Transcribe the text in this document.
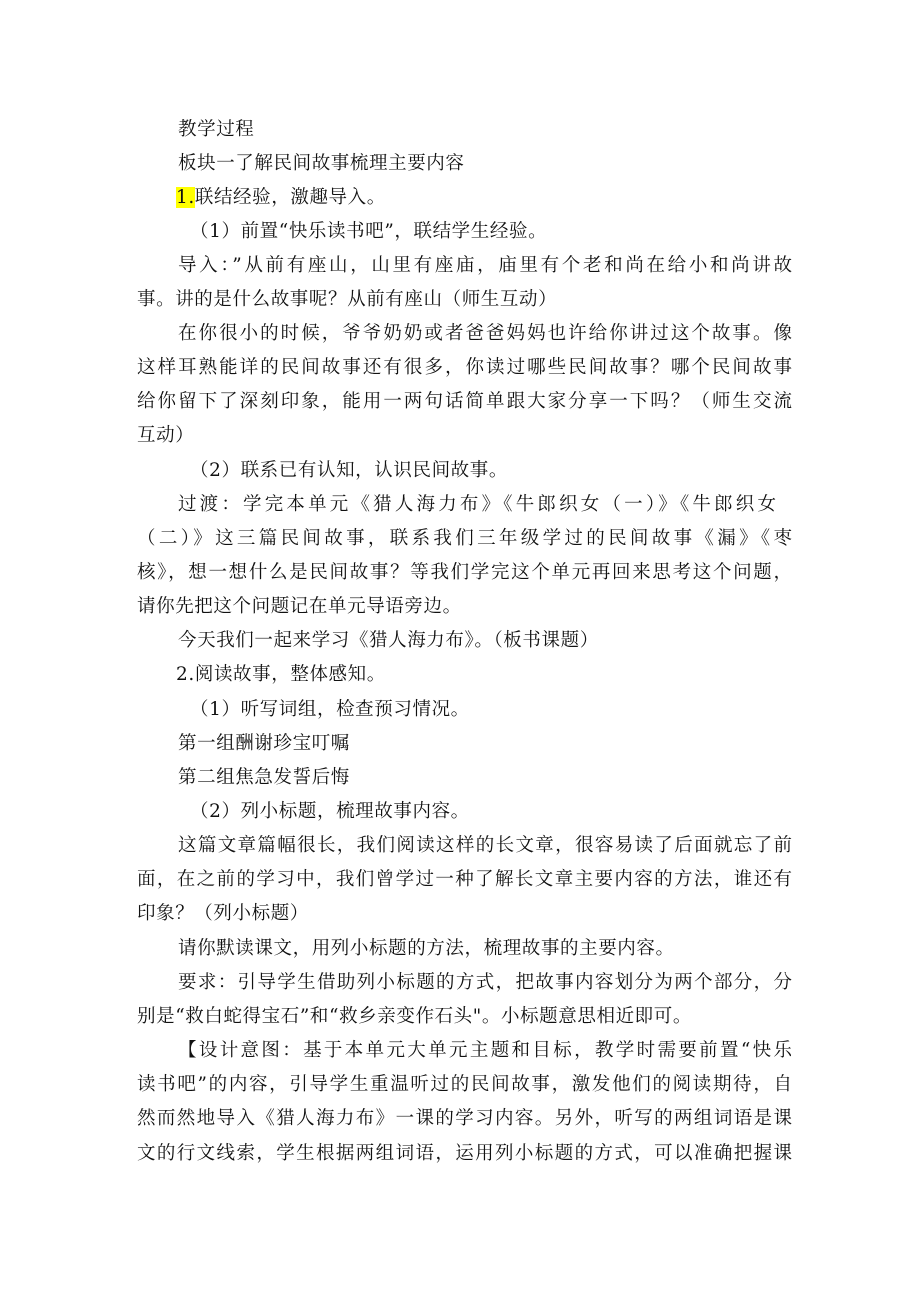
教学过程
板块一了解民间故事梳理主要内容
1.联结经验，激趣导入。
（1）前置“快乐读书吧”，联结学生经验。
导入：”从前有座山，山里有座庙，庙里有个老和尚在给小和尚讲故
事。讲的是什么故事呢？从前有座山（师生互动）
在你很小的时候，爷爷奶奶或者爸爸妈妈也许给你讲过这个故事。像
这样耳熟能详的民间故事还有很多，你读过哪些民间故事？哪个民间故事
给你留下了深刻印象，能用一两句话简单跟大家分享一下吗？（师生交流
互动）
（2）联系已有认知，认识民间故事。
过渡：学完本单元《猎人海力布》《牛郎织女（一）》《牛郎织女
（二）》这三篇民间故事，联系我们三年级学过的民间故事《漏》《枣
核》，想一想什么是民间故事？等我们学完这个单元再回来思考这个问题，
请你先把这个问题记在单元导语旁边。
今天我们一起来学习《猎人海力布》。（板书课题）
2.阅读故事，整体感知。
（1）听写词组，检查预习情况。
第一组酬谢珍宝叮嘱
第二组焦急发誓后悔
（2）列小标题，梳理故事内容。
这篇文章篇幅很长，我们阅读这样的长文章，很容易读了后面就忘了前
面，在之前的学习中，我们曾学过一种了解长文章主要内容的方法，谁还有
印象？（列小标题）
请你默读课文，用列小标题的方法，梳理故事的主要内容。
要求：引导学生借助列小标题的方式，把故事内容划分为两个部分，分
别是“救白蛇得宝石”和“救乡亲变作石头"。小标题意思相近即可。
【设计意图：基于本单元大单元主题和目标，教学时需要前置“快乐
读书吧”的内容，引导学生重温听过的民间故事，激发他们的阅读期待，自
然而然地导入《猎人海力布》一课的学习内容。另外，听写的两组词语是课
文的行文线索，学生根据两组词语，运用列小标题的方式，可以准确把握课
